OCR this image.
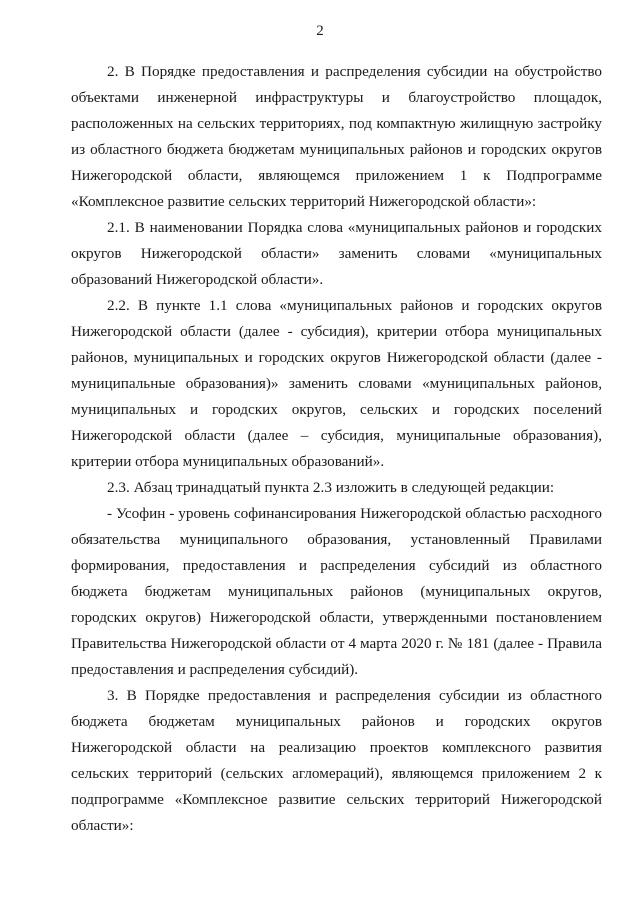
2

2. В Порядке предоставления и распределения субсидии на обустройство объектами инженерной инфраструктуры и благоустройство площадок, расположенных на сельских территориях, под компактную жилищную застройку из областного бюджета бюджетам муниципальных районов и городских округов Нижегородской области, являющемся приложением 1 к Подпрограмме «Комплексное развитие сельских территорий Нижегородской области»:

2.1. В наименовании Порядка слова «муниципальных районов и городских округов Нижегородской области» заменить словами «муниципальных образований Нижегородской области».

2.2. В пункте 1.1 слова «муниципальных районов и городских округов Нижегородской области (далее - субсидия), критерии отбора муниципальных районов, муниципальных и городских округов Нижегородской области (далее - муниципальные образования)» заменить словами «муниципальных районов, муниципальных и городских округов, сельских и городских поселений Нижегородской области (далее – субсидия, муниципальные образования), критерии отбора муниципальных образований».

2.3. Абзац тринадцатый пункта 2.3 изложить в следующей редакции:

- Усофин - уровень софинансирования Нижегородской областью расходного обязательства муниципального образования, установленный Правилами формирования, предоставления и распределения субсидий из областного бюджета бюджетам муниципальных районов (муниципальных округов, городских округов) Нижегородской области, утвержденными постановлением Правительства Нижегородской области от 4 марта 2020 г. № 181 (далее - Правила предоставления и распределения субсидий).

3. В Порядке предоставления и распределения субсидии из областного бюджета бюджетам муниципальных районов и городских округов Нижегородской области на реализацию проектов комплексного развития сельских территорий (сельских агломераций), являющемся приложением 2 к подпрограмме «Комплексное развитие сельских территорий Нижегородской области»:
